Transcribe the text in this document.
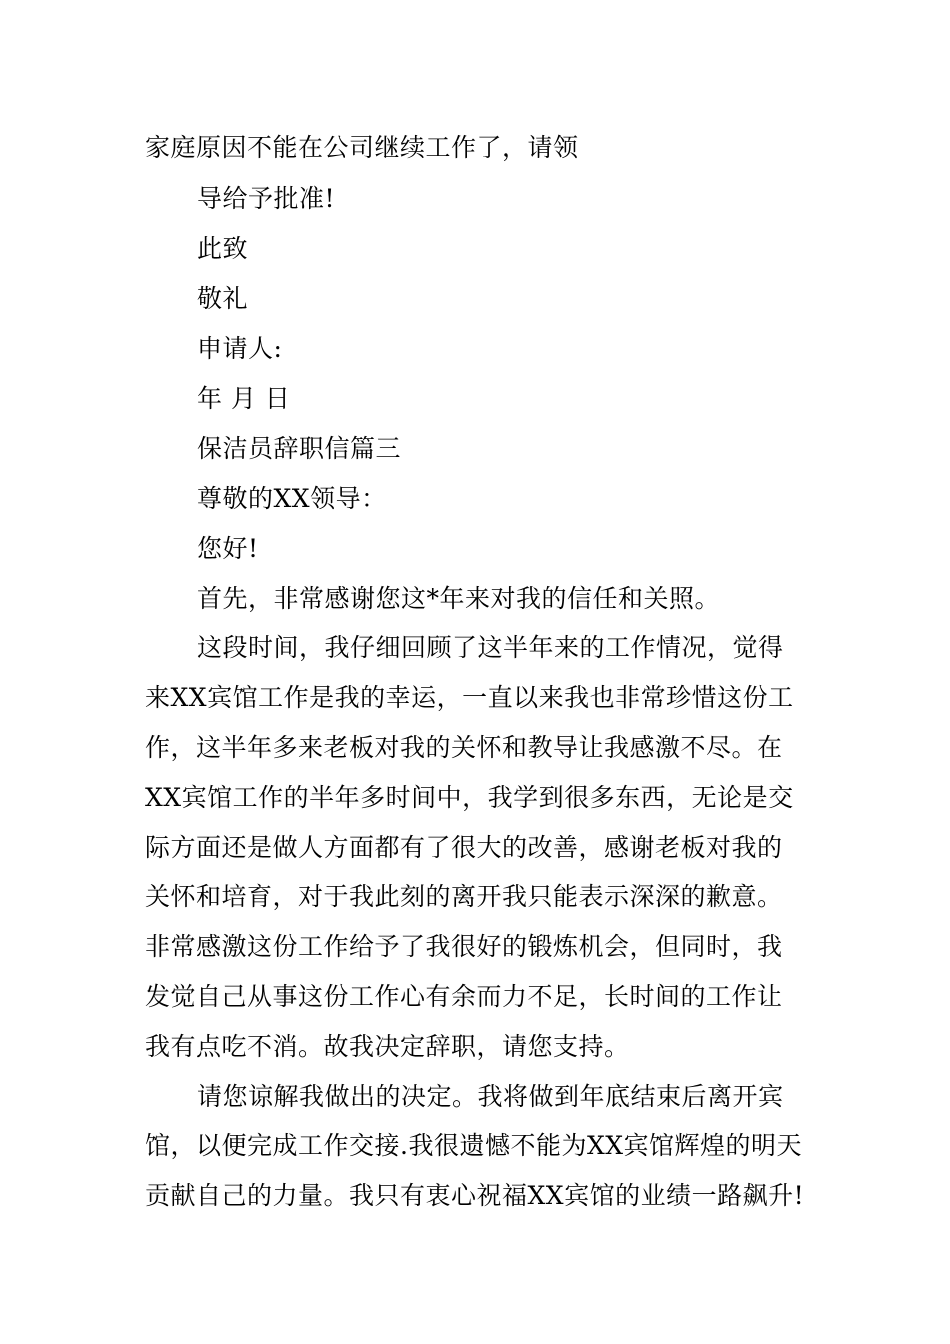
家庭原因不能在公司继续工作了，请领
导给予批准!
此致
敬礼
申请人:
年 月 日
保洁员辞职信篇三
尊敬的XX领导：
您好!
首先，非常感谢您这*年来对我的信任和关照。
这段时间，我仔细回顾了这半年来的工作情况，觉得
来XX宾馆工作是我的幸运，一直以来我也非常珍惜这份工
作，这半年多来老板对我的关怀和教导让我感激不尽。在
XX宾馆工作的半年多时间中，我学到很多东西，无论是交
际方面还是做人方面都有了很大的改善，感谢老板对我的
关怀和培育，对于我此刻的离开我只能表示深深的歉意。
非常感激这份工作给予了我很好的锻炼机会，但同时，我
发觉自己从事这份工作心有余而力不足，长时间的工作让
我有点吃不消。故我决定辞职，请您支持。
请您谅解我做出的决定。我将做到年底结束后离开宾
馆，以便完成工作交接.我很遗憾不能为XX宾馆辉煌的明天
贡献自己的力量。我只有衷心祝福XX宾馆的业绩一路飙升!
